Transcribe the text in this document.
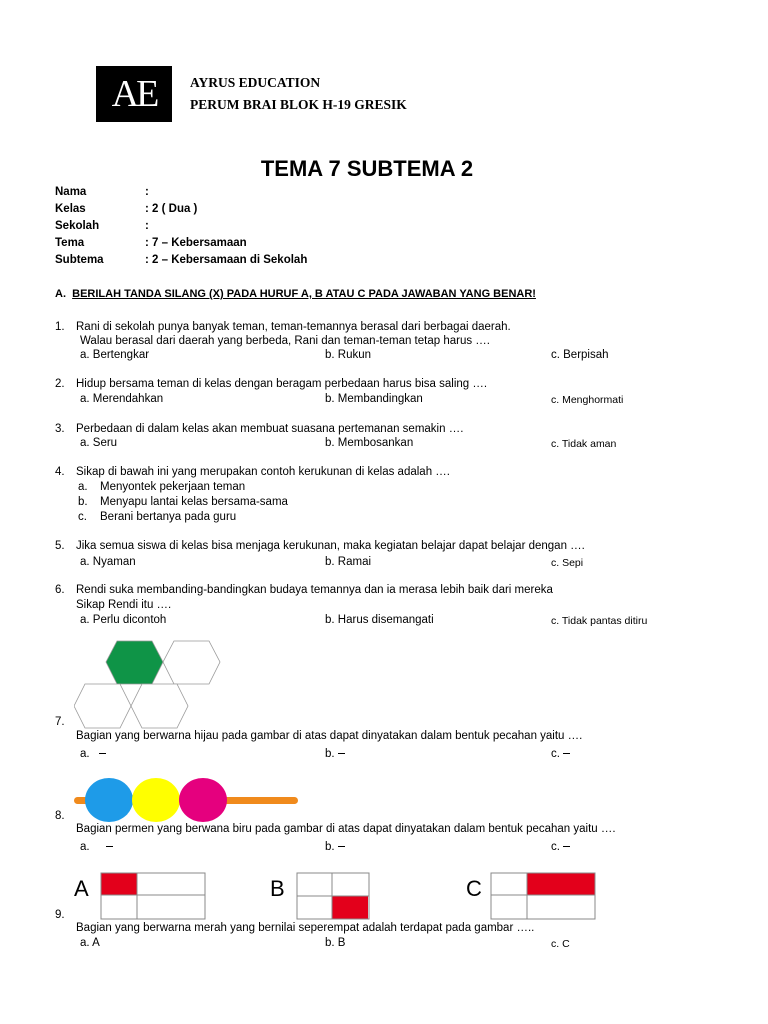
AE AYRUS EDUCATION
PERUM BRAI BLOK H-19 GRESIK
TEMA 7 SUBTEMA 2
Nama	:
Kelas	: 2 ( Dua )
Sekolah	:
Tema	: 7 – Kebersamaan
Subtema	: 2 – Kebersamaan di Sekolah
A. BERILAH TANDA SILANG (X) PADA HURUF A, B ATAU C PADA JAWABAN YANG BENAR!
1. Rani di sekolah punya banyak teman, teman-temannya berasal dari berbagai daerah.
Walau berasal dari daerah yang berbeda, Rani dan teman-teman tetap harus ….
a. Bertengkar	b. Rukun	c. Berpisah
2. Hidup bersama teman di kelas dengan beragam perbedaan harus bisa saling ….
a. Merendahkan	b. Membandingkan	c. Menghormati
3. Perbedaan di dalam kelas akan membuat suasana pertemanan semakin ….
a. Seru	b. Membosankan	c. Tidak aman
4. Sikap di bawah ini yang merupakan contoh kerukunan di kelas adalah ….
a. Menyontek pekerjaan teman
b. Menyapu lantai kelas bersama-sama
c. Berani bertanya pada guru
5. Jika semua siswa di kelas bisa menjaga kerukunan, maka kegiatan belajar dapat belajar dengan ….
a. Nyaman	b. Ramai	c. Sepi
6. Rendi suka membanding-bandingkan budaya temannya dan ia merasa lebih baik dari mereka
Sikap Rendi itu ….
a. Perlu dicontoh	b. Harus disemangati	c. Tidak pantas ditiru
7.
Bagian yang berwarna hijau pada gambar di atas dapat dinyatakan dalam bentuk pecahan yaitu ….
a.	b.	c.
8.
Bagian permen yang berwana biru pada gambar di atas dapat dinyatakan dalam bentuk pecahan yaitu ….
a.	b.	c.
A	B	C
9.
Bagian yang berwarna merah yang bernilai seperempat adalah terdapat pada gambar …..
a. A	b. B	c. C
